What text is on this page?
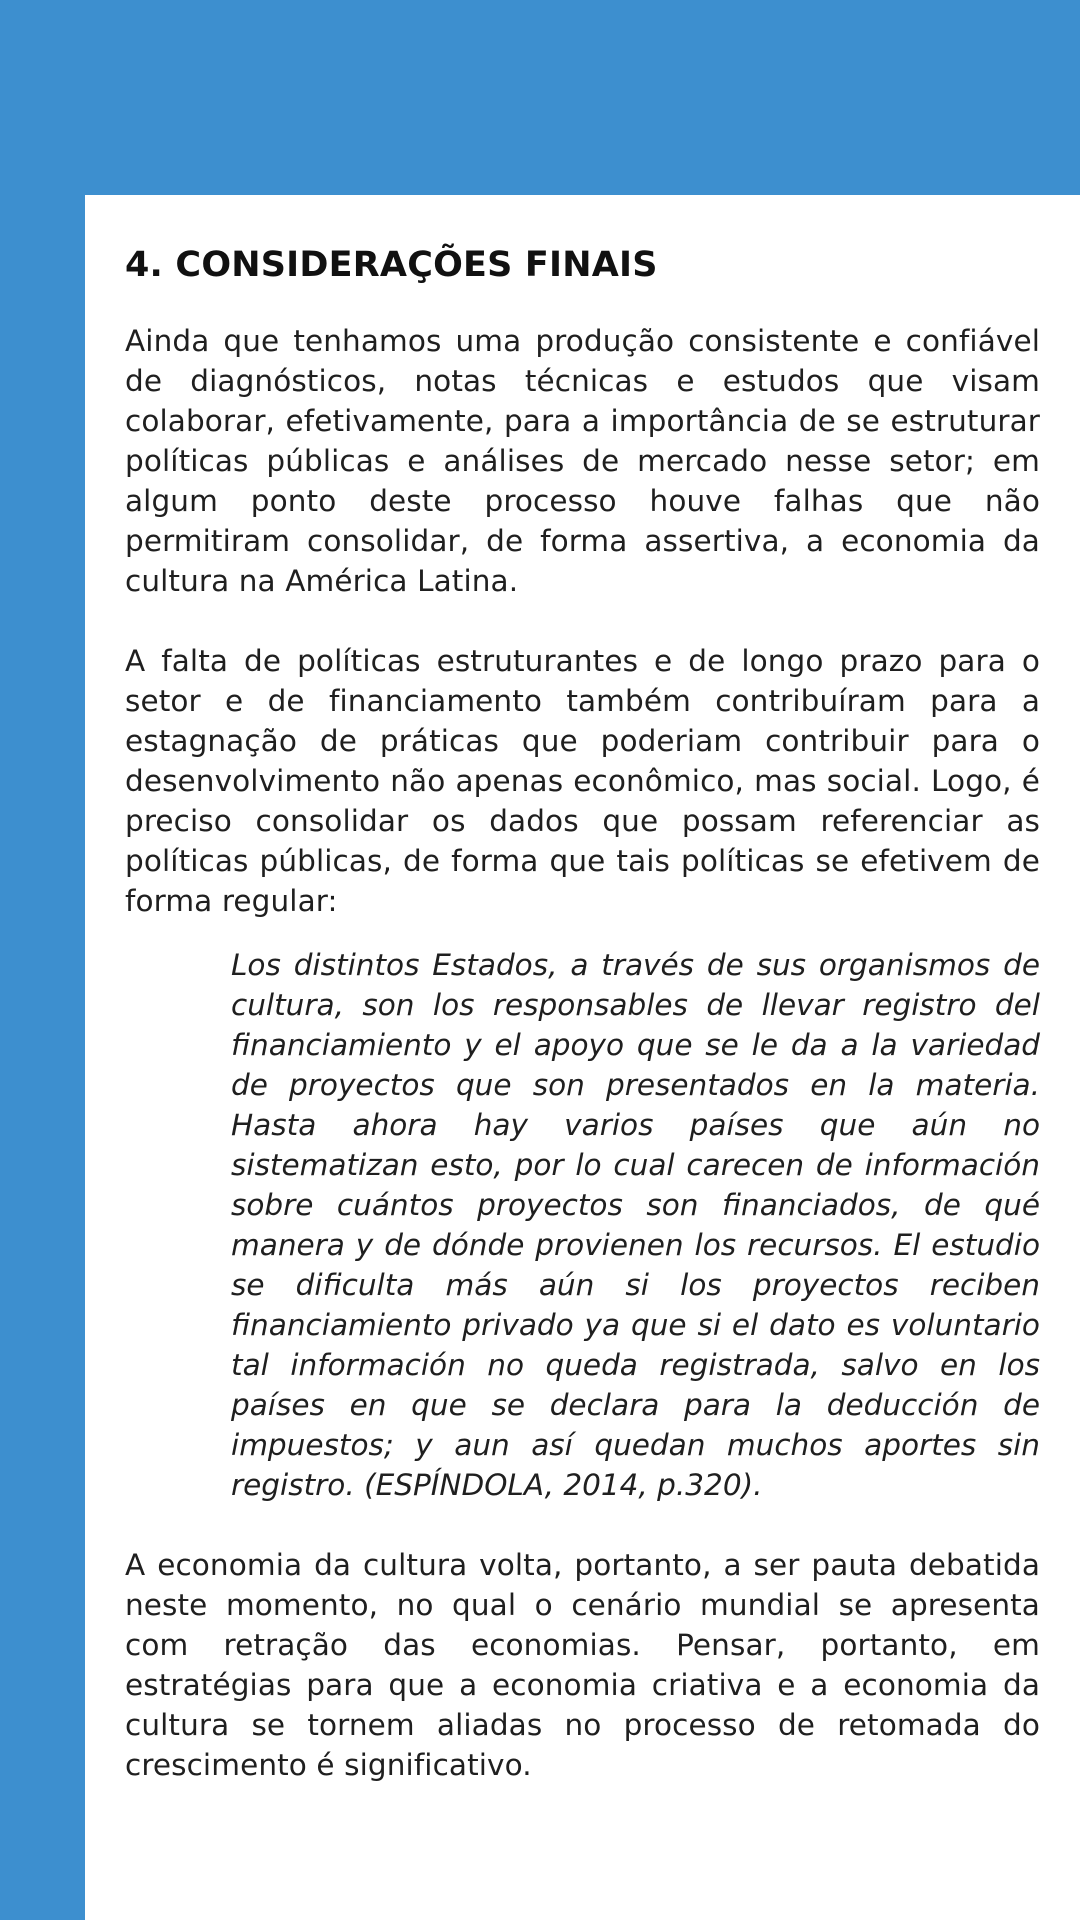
4. CONSIDERAÇÕES FINAIS

Ainda que tenhamos uma produção consistente e confiável de diagnósticos, notas técnicas e estudos que visam colaborar, efetivamente, para a importância de se estruturar políticas públicas e análises de mercado nesse setor; em algum ponto deste processo houve falhas que não permitiram consolidar, de forma assertiva, a economia da cultura na América Latina.

A falta de políticas estruturantes e de longo prazo para o setor e de financiamento também contribuíram para a estagnação de práticas que poderiam contribuir para o desenvolvimento não apenas econômico, mas social. Logo, é preciso consolidar os dados que possam referenciar as políticas públicas, de forma que tais políticas se efetivem de forma regular:

Los distintos Estados, a través de sus organismos de cultura, son los responsables de llevar registro del financiamiento y el apoyo que se le da a la variedad de proyectos que son presentados en la materia. Hasta ahora hay varios países que aún no sistematizan esto, por lo cual carecen de información sobre cuántos proyectos son financiados, de qué manera y de dónde provienen los recursos. El estudio se dificulta más aún si los proyectos reciben financiamiento privado ya que si el dato es voluntario tal información no queda registrada, salvo en los países en que se declara para la deducción de impuestos; y aun así quedan muchos aportes sin registro. (ESPÍNDOLA, 2014, p.320).

A economia da cultura volta, portanto, a ser pauta debatida neste momento, no qual o cenário mundial se apresenta com retração das economias. Pensar, portanto, em estratégias para que a economia criativa e a economia da cultura se tornem aliadas no processo de retomada do crescimento é significativo.
